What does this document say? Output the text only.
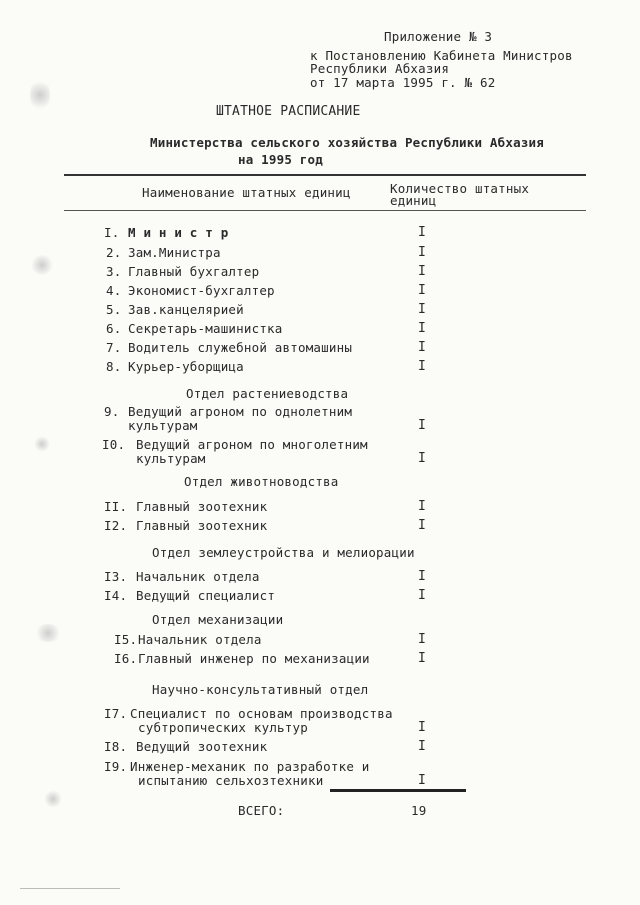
Приложение № 3
к Постановлению Кабинета Министров
Республики Абхазия
от 17 марта 1995 г. № 62
ШТАТНОЕ РАСПИСАНИЕ
Министерства сельского хозяйства Республики Абхазия
на 1995 год
Наименование штатных единиц	Количество штатных
единиц
I. М и н и с т р	I
2. Зам.Министра	I
3. Главный бухгалтер	I
4. Экономист-бухгалтер	I
5. Зав.канцелярией	I
6. Секретарь-машинистка	I
7. Водитель служебной автомашины	I
8. Курьер-уборщица	I
Отдел растениеводства
9. Ведущий агроном по однолетним
культурам	I
I0. Ведущий агроном по многолетним
культурам	I
Отдел животноводства
II. Главный зоотехник	I
I2. Главный зоотехник	I
Отдел землеустройства и мелиорации
I3. Начальник отдела	I
I4. Ведущий специалист	I
Отдел механизации
I5. Начальник отдела	I
I6. Главный инженер по механизации	I
Научно-консультативный отдел
I7. Специалист по основам производства
субтропических культур	I
I8. Ведущий зоотехник	I
I9. Инженер-механик по разработке и
испытанию сельхозтехники	I
ВСЕГО:	19
